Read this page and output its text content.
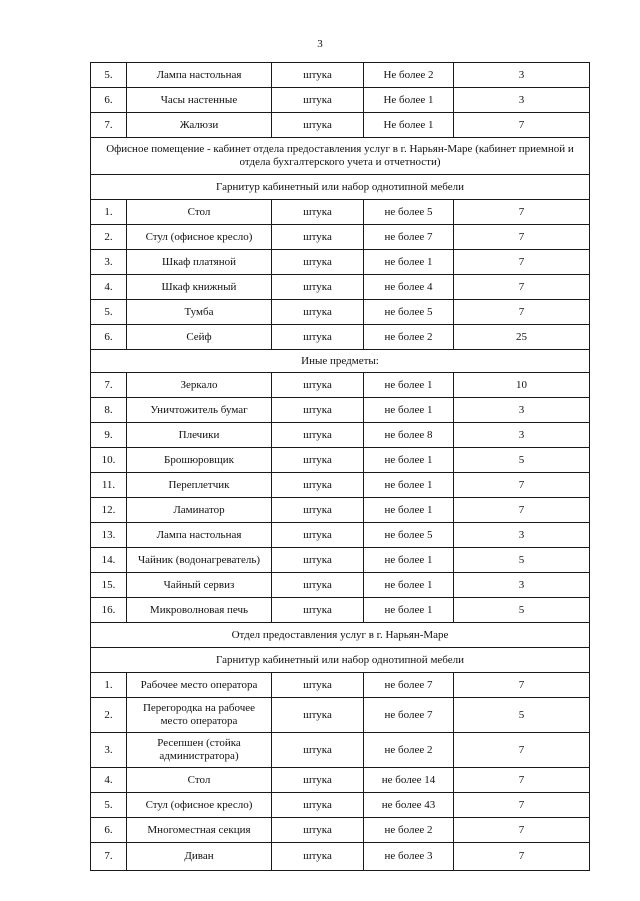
3
5.	Лампа настольная	штука	Не более 2	3
6.	Часы настенные	штука	Не более 1	3
7.	Жалюзи	штука	Не более 1	7
Офисное помещение - кабинет отдела предоставления услуг в г. Нарьян-Маре (кабинет приемной и отдела бухгалтерского учета и отчетности)				
Гарнитур кабинетный или набор однотипной мебели				
1.	Стол	штука	не более 5	7
2.	Стул (офисное кресло)	штука	не более 7	7
3.	Шкаф платяной	штука	не более 1	7
4.	Шкаф книжный	штука	не более 4	7
5.	Тумба	штука	не более 5	7
6.	Сейф	штука	не более 2	25
Иные предметы:				
7.	Зеркало	штука	не более 1	10
8.	Уничтожитель бумаг	штука	не более 1	3
9.	Плечики	штука	не более 8	3
10.	Брошюровщик	штука	не более 1	5
11.	Переплетчик	штука	не более 1	7
12.	Ламинатор	штука	не более 1	7
13.	Лампа настольная	штука	не более 5	3
14.	Чайник (водонагреватель)	штука	не более 1	5
15.	Чайный сервиз	штука	не более 1	3
16.	Микроволновая печь	штука	не более 1	5
Отдел предоставления услуг в г. Нарьян-Маре				
Гарнитур кабинетный или набор однотипной мебели				
1.	Рабочее место оператора	штука	не более 7	7
2.	Перегородка на рабочее место оператора	штука	не более 7	5
3.	Ресепшен (стойка администратора)	штука	не более 2	7
4.	Стол	штука	не более 14	7
5.	Стул (офисное кресло)	штука	не более 43	7
6.	Многоместная секция	штука	не более 2	7
7.	Диван	штука	не более 3	7
